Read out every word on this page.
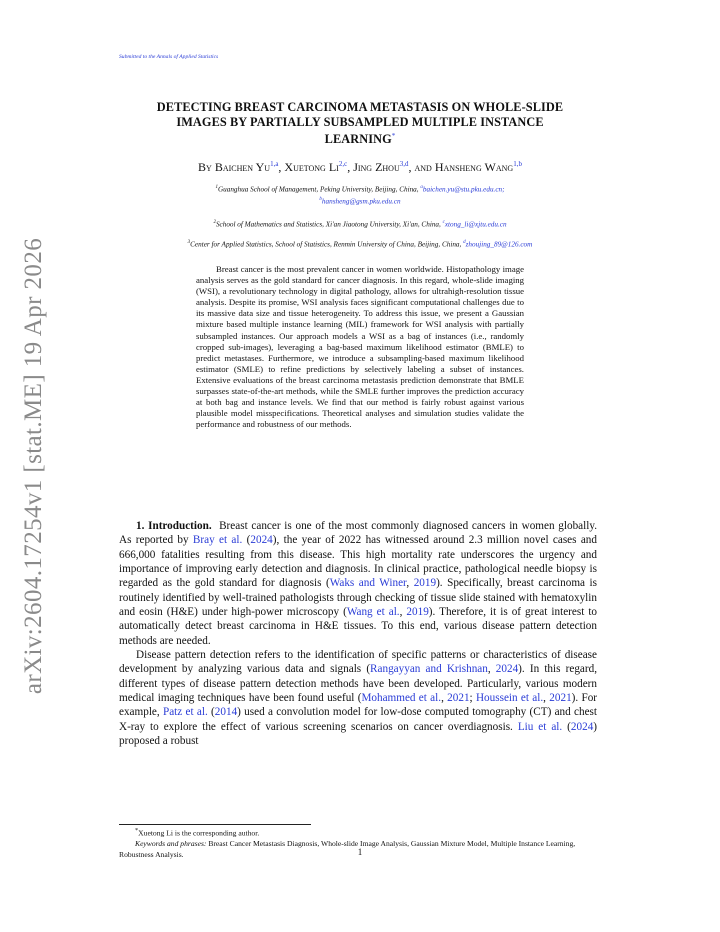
Submitted to the Annals of Applied Statistics
arXiv:2604.17254v1 [stat.ME] 19 Apr 2026
DETECTING BREAST CARCINOMA METASTASIS ON WHOLE-SLIDE
IMAGES BY PARTIALLY SUBSAMPLED MULTIPLE INSTANCE
LEARNING*
By Baichen Yu$^{1,a}$, Xuetong Li$^{2,c}$, Jing Zhou$^{3,d}$, and Hansheng Wang$^{1,b}$
$^1$Guanghua School of Management, Peking University, Beijing, China, $^a$baichen.yu@stu.pku.edu.cn;
$^b$hansheng@gsm.pku.edu.cn
$^2$School of Mathematics and Statistics, Xi'an Jiaotong University, Xi'an, China, $^c$xtong_li@xjtu.edu.cn
$^3$Center for Applied Statistics, School of Statistics, Renmin University of China, Beijing, China, $^d$zhoujing_89@126.com
Breast cancer is the most prevalent cancer in women worldwide. Histopathology image analysis serves as the gold standard for cancer diagnosis. In this regard, whole-slide imaging (WSI), a revolutionary technology in digital pathology, allows for ultrahigh-resolution tissue analysis. Despite its promise, WSI analysis faces significant computational challenges due to its massive data size and tissue heterogeneity. To address this issue, we present a Gaussian mixture based multiple instance learning (MIL) framework for WSI analysis with partially subsampled instances. Our approach models a WSI as a bag of instances (i.e., randomly cropped sub-images), leveraging a bag-based maximum likelihood estimator (BMLE) to predict metastases. Furthermore, we introduce a subsampling-based maximum likelihood estimator (SMLE) to refine predictions by selectively labeling a subset of instances. Extensive evaluations of the breast carcinoma metastasis prediction demonstrate that BMLE surpasses state-of-the-art methods, while the SMLE further improves the prediction accuracy at both bag and instance levels. We find that our method is fairly robust against various plausible model misspecifications. Theoretical analyses and simulation studies validate the performance and robustness of our methods.

1. Introduction. Breast cancer is one of the most commonly diagnosed cancers in women globally. As reported by Bray et al. (2024), the year of 2022 has witnessed around 2.3 million novel cases and 666,000 fatalities resulting from this disease. This high mortality rate underscores the urgency and importance of improving early detection and diagnosis. In clinical practice, pathological needle biopsy is regarded as the gold standard for diagnosis (Waks and Winer, 2019). Specifically, breast carcinoma is routinely identified by well-trained pathologists through checking of tissue slide stained with hematoxylin and eosin (H&E) under high-power microscopy (Wang et al., 2019). Therefore, it is of great interest to automatically detect breast carcinoma in H&E tissues. To this end, various disease pattern detection methods are needed.

Disease pattern detection refers to the identification of specific patterns or characteristics of disease development by analyzing various data and signals (Rangayyan and Krishnan, 2024). In this regard, different types of disease pattern detection methods have been developed. Particularly, various modern medical imaging techniques have been found useful (Mohammed et al., 2021; Houssein et al., 2021). For example, Patz et al. (2014) used a convolution model for low-dose computed tomography (CT) and chest X-ray to explore the effect of various screening scenarios on cancer overdiagnosis. Liu et al. (2024) proposed a robust

*Xuetong Li is the corresponding author.
Keywords and phrases: Breast Cancer Metastasis Diagnosis, Whole-slide Image Analysis, Gaussian Mixture Model, Multiple Instance Learning, Robustness Analysis.	1
